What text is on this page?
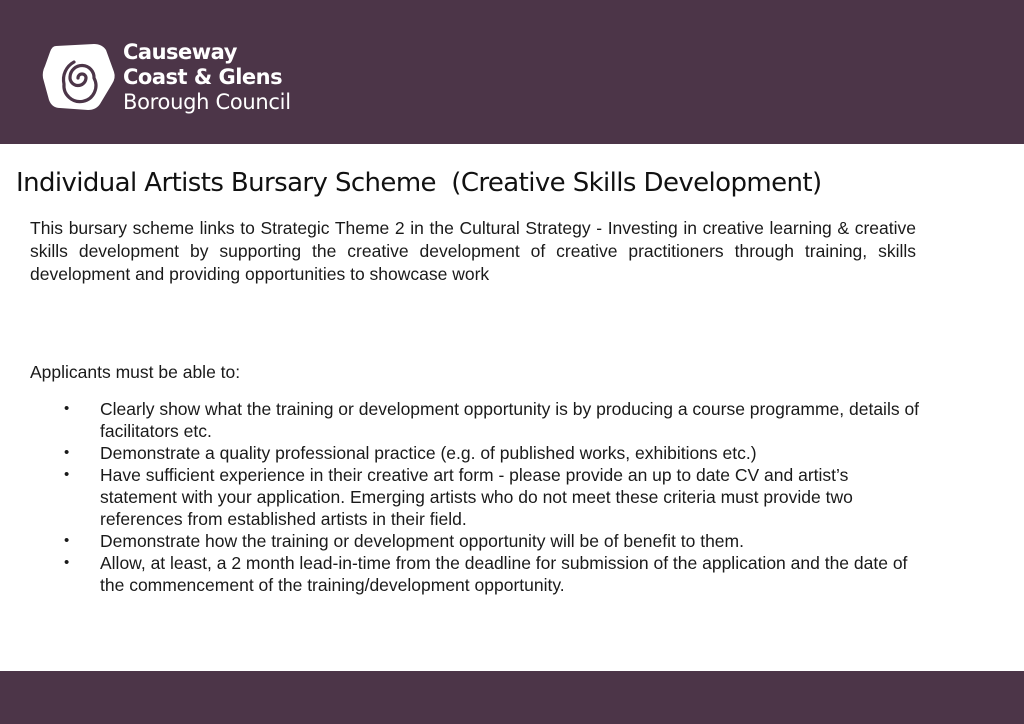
Causeway
Coast & Glens
Borough Council
Individual Artists Bursary Scheme  (Creative Skills Development)

This bursary scheme links to Strategic Theme 2 in the Cultural Strategy - Investing in creative learning & creative skills development by supporting the creative development of creative practitioners through training, skills development and providing opportunities to showcase work

Applicants must be able to:

• Clearly show what the training or development opportunity is by producing a course programme, details of facilitators etc.
• Demonstrate a quality professional practice (e.g. of published works, exhibitions etc.)
• Have sufficient experience in their creative art form - please provide an up to date CV and artist’s statement with your application. Emerging artists who do not meet these criteria must provide two references from established artists in their field.
• Demonstrate how the training or development opportunity will be of benefit to them.
• Allow, at least, a 2 month lead-in-time from the deadline for submission of the application and the date of the commencement of the training/development opportunity.
